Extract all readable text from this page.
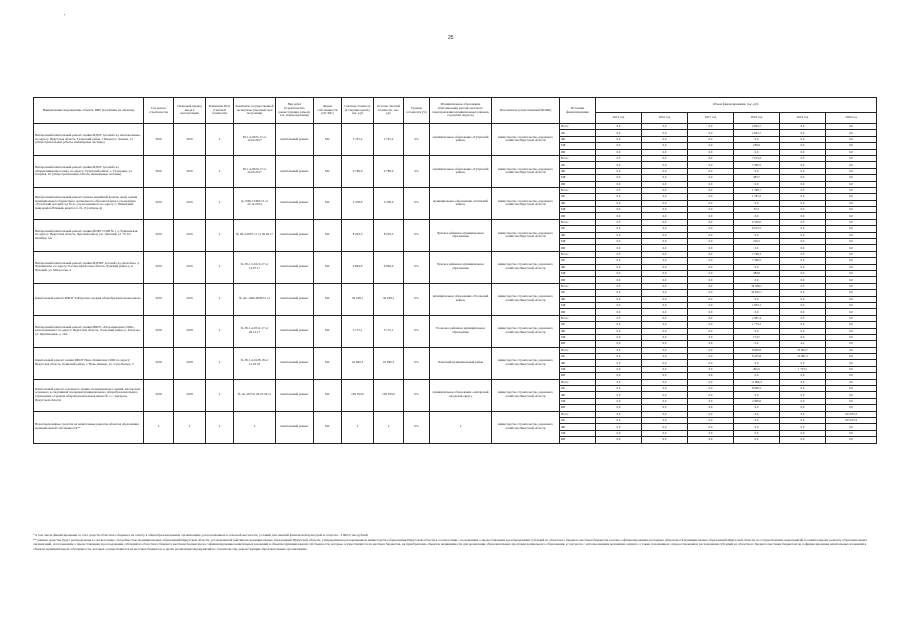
'
25
Наименование мероприятия, объекта, ПИР (в разбивке на объекты)	Год начала строительства	Плановый период ввода в эксплуатацию	Реквизиты ПСД (сметной стоимости)	Реквизиты государственной экспертизы (сметный срок получения)	Вид работ (строительство, реконструкция, ремонт, тех. перевооружение)	Форма собственности (ОС/МС)	Сметная стоимость (в текущих ценах), тыс. руб	Остаток сметной стоимости, тыс. руб	Уровень готовности (%)	Муниципальное образование (Организация) (органы местного самоуправления муниципальных районов, городских округов)	Исполнитель (ответственный МОИО)	Источник финансирования	Объем финансирования, тыс. руб.					
													2015 год	2016 год	2017 год	2018 год	2019 год	2020 год
Выборочный капитальный ремонт здания МДОУ детский сад «Колокольчик», по адресу: Иркутская область, Тулунский район, г. Шерагул, Ломана, 13 (общестроительные работы, инженерные системы)	2016	2016	х	38-1-4-0325-17 от 12.04.2017	капитальный ремонт	МС	3 791,2	3 791,2	0%	муниципальное образование «Тулунский район»	министерство строительства, дорожного хозяйства Иркутской области	Всего	0,0	0,0	0,0	2 843,7	0,0	0,0
												ОБ	0,0	0,0	0,0	2 843,7	0,0	0,0
												ФБ	0,0	0,0	0,0	0,0	0,0	0,0
												МБ	0,0	0,0	0,0	189,9	0,0	0,0
												ИИ	0,0	0,0	0,0	0,0	0,0	0,0
Выборочный капитальный ремонт здания МДОУ детский сад общеразвивающего вида, по адресу: Тулунский район, с. Тулуновка, ул. Озерная, 2б (общестроительные работы, инженерные системы)	2016	2016	х	38-1-4-0020-17 от 24.05.2017	капитальный ремонт	МС	9 789,9	9 789,9	0%	муниципальное образование «Тулунский район»	министерство строительства, дорожного хозяйства Иркутской области	Всего	0,0	0,0	0,0	7 674,2	0,0	0,0
												ОБ	0,0	0,0	0,0	7 290,5	0,0	0,0
												ФБ	0,0	0,0	0,0	0,0	0,0	0,0
												МБ	0,0	0,0	0,0	383,7	0,0	0,0
												ИИ	0,0	0,0	0,0	0,0	0,0	0,0
Выборочный капитальный ремонт (замена аварийной кровли, окон) здания муниципального бюджетного дошкольного образовательного учреждения «Тулунский детский сад № 2», расположенного по адресу: г. Зиминский, микрорайон Южный, квартал 2, № 13 (литеры А)	2016	2016	х	Д-1348-13/ИЛ/15 от 22.12.2014	капитальный ремонт	МС	2 238,0	2 238,0	0%	муниципальное образование «Осинский район»	министерство строительства, дорожного хозяйства Иркутской области	Всего	0,0	0,0	0,0	1 348,7	0,0	0,0
												ОБ	0,0	0,0	0,0	1 281,2	0,0	0,0
												ФБ	0,0	0,0	0,0	0,0	0,0	0,0
												МБ	0,0	0,0	0,0	67,5	0,0	0,0
												ИИ	0,0	0,0	0,0	0,0	0,0	0,0
Выборочный капитальный ремонт здания МОБУ СОШ № 1 д. Чукшинская, по адресу: Иркутская область, Чунский район, р.п. Чунский, ул. 70 лет Октября, 3А	2016	2016	х	№ 38-4-0097-17 от 06.06.17	капитальный ремонт	МС	8 203,5	8 203,5	0%	Чунское районное муниципальное образование	министерство строительства, дорожного хозяйства Иркутской области	Всего	0,0	0,0	0,0	6 330,0	0,0	0,0
												ОБ	0,0	0,0	0,0	6 013,5	0,0	0,0
												ФБ	0,0	0,0	0,0	0,0	0,0	0,0
												МБ	0,0	0,0	0,0	316,5	0,0	0,0
												ИИ	0,0	0,0	0,0	0,0	0,0	0,0
Выборочный капитальный ремонт здания МДОБУ детский сад «Колобок» д. Чукшинская, по адресу: Россия, Иркутская область, Чунский район, р.п. Чунский, ул. Матросова, 4	2016	2016	х	№ 38-1-5-0116-17 от 14.07.17	капитальный ремонт	МС	9 894,0	9 894,0	0%	Чунское районное муниципальное образование	министерство строительства, дорожного хозяйства Иркутской области	Всего	0,0	0,0	0,0	7 796,3	0,0	0,0
												ОБ	0,0	0,0	0,0	7 406,5	0,0	0,0
												ФБ	0,0	0,0	0,0	0,0	0,0	0,0
												МБ	0,0	0,0	0,0	389,8	0,0	0,0
												ИИ	0,0	0,0	0,0	0,0	0,0	0,0
Капитальный ремонт МБОУ Тайтурская средняя общеобразовательная школа	2016	2016	х	№ ДС-1606-0058/16 от	капитальный ремонт	МС	36 638,1	36 638,1	0%	муниципальное образование «Усольский район»	министерство строительства, дорожного хозяйства Иркутской области	Всего	0,0	0,0	0,0	36 638,1	0,0	0,0
												ОБ	0,0	0,0	0,0	34 825,1	0,0	0,0
												ФБ	0,0	0,0	0,0	0,0	0,0	0,0
												МБ	0,0	0,0	0,0	1 833,1	0,0	0,0
												ИИ	0,0	0,0	0,0	0,0	0,0	0,0
Выборочный капитальный ремонт здания МБОУ «Раздольинская СОШ», расположенного по адресу: Иркутская область, Усольский район, р. Раздолье, ул. Производная, д. 19А	2018	2018	х	№ 38-1-4-0512-17 от 29.12.17	капитальный ремонт	МС	3 172,1	3 172,1	0%	Усольское районное муниципальное образование	министерство строительства, дорожного хозяйства Иркутской области	Всего	0,0	0,0	0,0	2 487,4	0,0	0,0
												ОБ	0,0	0,0	0,0	1 773,2	0,0	0,0
												ФБ	0,0	0,0	0,0	0,0	0,0	0,0
												МБ	0,0	0,0	0,0	174,7	0,0	0,0
												ИИ	0,0	0,0	0,0	0,0	4,2	0,0
Капитальный ремонт здания МБОУ Ново-Ленинская СОШ по адресу: Иркутская область, Осинский район, с. Ново-Ленино, ул. Сухо-Батора, 5	2018	2018	х	№ 38-1-4-0128-18 от 12.03.18	капитальный ремонт	МС	42 990,3	42 990,3	0%	Осинский муниципальный район	министерство строительства, дорожного хозяйства Иркутской области	Всего	0,0	0,0	0,0	8 990,8	33 603,7	0,0
												ОБ	0,0	0,0	0,0	8 455,8	31 881,5	0,0
												ФБ	0,0	0,0	0,0	0,0	0,0	0,0
												МБ	0,0	0,0	0,0	495,0	1 703,5	0,0
												ИИ	0,0	0,0	0,0	0,0	0,0	0,0
Капитальный ремонт отдельного здания, незавершенного здания, мастерских основного и спортивной площадки муниципального общеобразовательного учреждения «Средняя общеобразовательная школа № 1 с. Ангарск» Иркутской области	2018	2018	х	№ Дс-2017/н 2017г.29.11	капитальный ремонт	МС	109 593,0	109 593,0	0%	муниципальное образование «Ангарский городской округ»	министерство строительства, дорожного хозяйства Иркутской области	Всего	0,0	0,0	0,0	11 989,4	0,0	0,0
												ОБ	0,0	0,0	0,0	8 090,5	0,0	0,0
												ФБ	0,0	0,0	0,0	0,0	0,0	0,0
												МБ	0,0	0,0	0,0	2 999,9	0,0	0,0
												ИИ	0,0	0,0	0,0	0,0	0,0	0,0
Нераспределенные средства на капитальные ремонты объектов образования муниципальной собственности**	х	х	х	х	капитальный ремонт	МС	х	х	0%	х	министерство строительства, дорожного хозяйства Иркутской области	Всего	0,0	0,0	0,0	0,0	0,0	323 653,3
												ОБ	0,0	0,0	0,0	0,0	0,0	323 653,3
												ФБ	0,0	0,0	0,0	0,0	0,0	0,0
												МБ	0,0	0,0	0,0	0,0	0,0	0,0
												ИИ	0,0	0,0	0,0	0,0	0,0	0,0

* в том числе финансирование за счет средств областного бюджета на оплату в общеобразовательных организациях, расположенных в сельской местности, условий для занятий физической культурой и спортом - 3 000,0 тыс.рублей;

** данные средства будут распределены в соответствии с потребностью муниципальных образований Иркутской области, установленной рейтингом муниципальных образований Иркутской области, утвержденным распоряжением министерства образования Иркутской области в соответствии с положением о предоставлении и распределении субсидий из областного бюджета местным бюджетам в целях софинансирования расходных обязательств муниципальных образований Иркутской области по осуществлению мероприятий по капитальному ремонту образовательных организаций, и положением о предоставлении и расходовании субсидий из областного бюджета местным бюджетам на софинансирование капитальных вложений в объекты муниципальной собственности, которые осуществляются из местных бюджетов, на приобретение объектов недвижимости для реализации образовательных программ дошкольного образования, в том числе с использованием механизма лизинга, а также положением о предоставлении и расходовании субсидий из областного бюджета местным бюджетам на софинансирование капитальных вложений в объекты муниципальной собственности, которые осуществляются из местных бюджетов, в целях реализации мероприятий по строительству, реконструкции образовательных организаций»;
